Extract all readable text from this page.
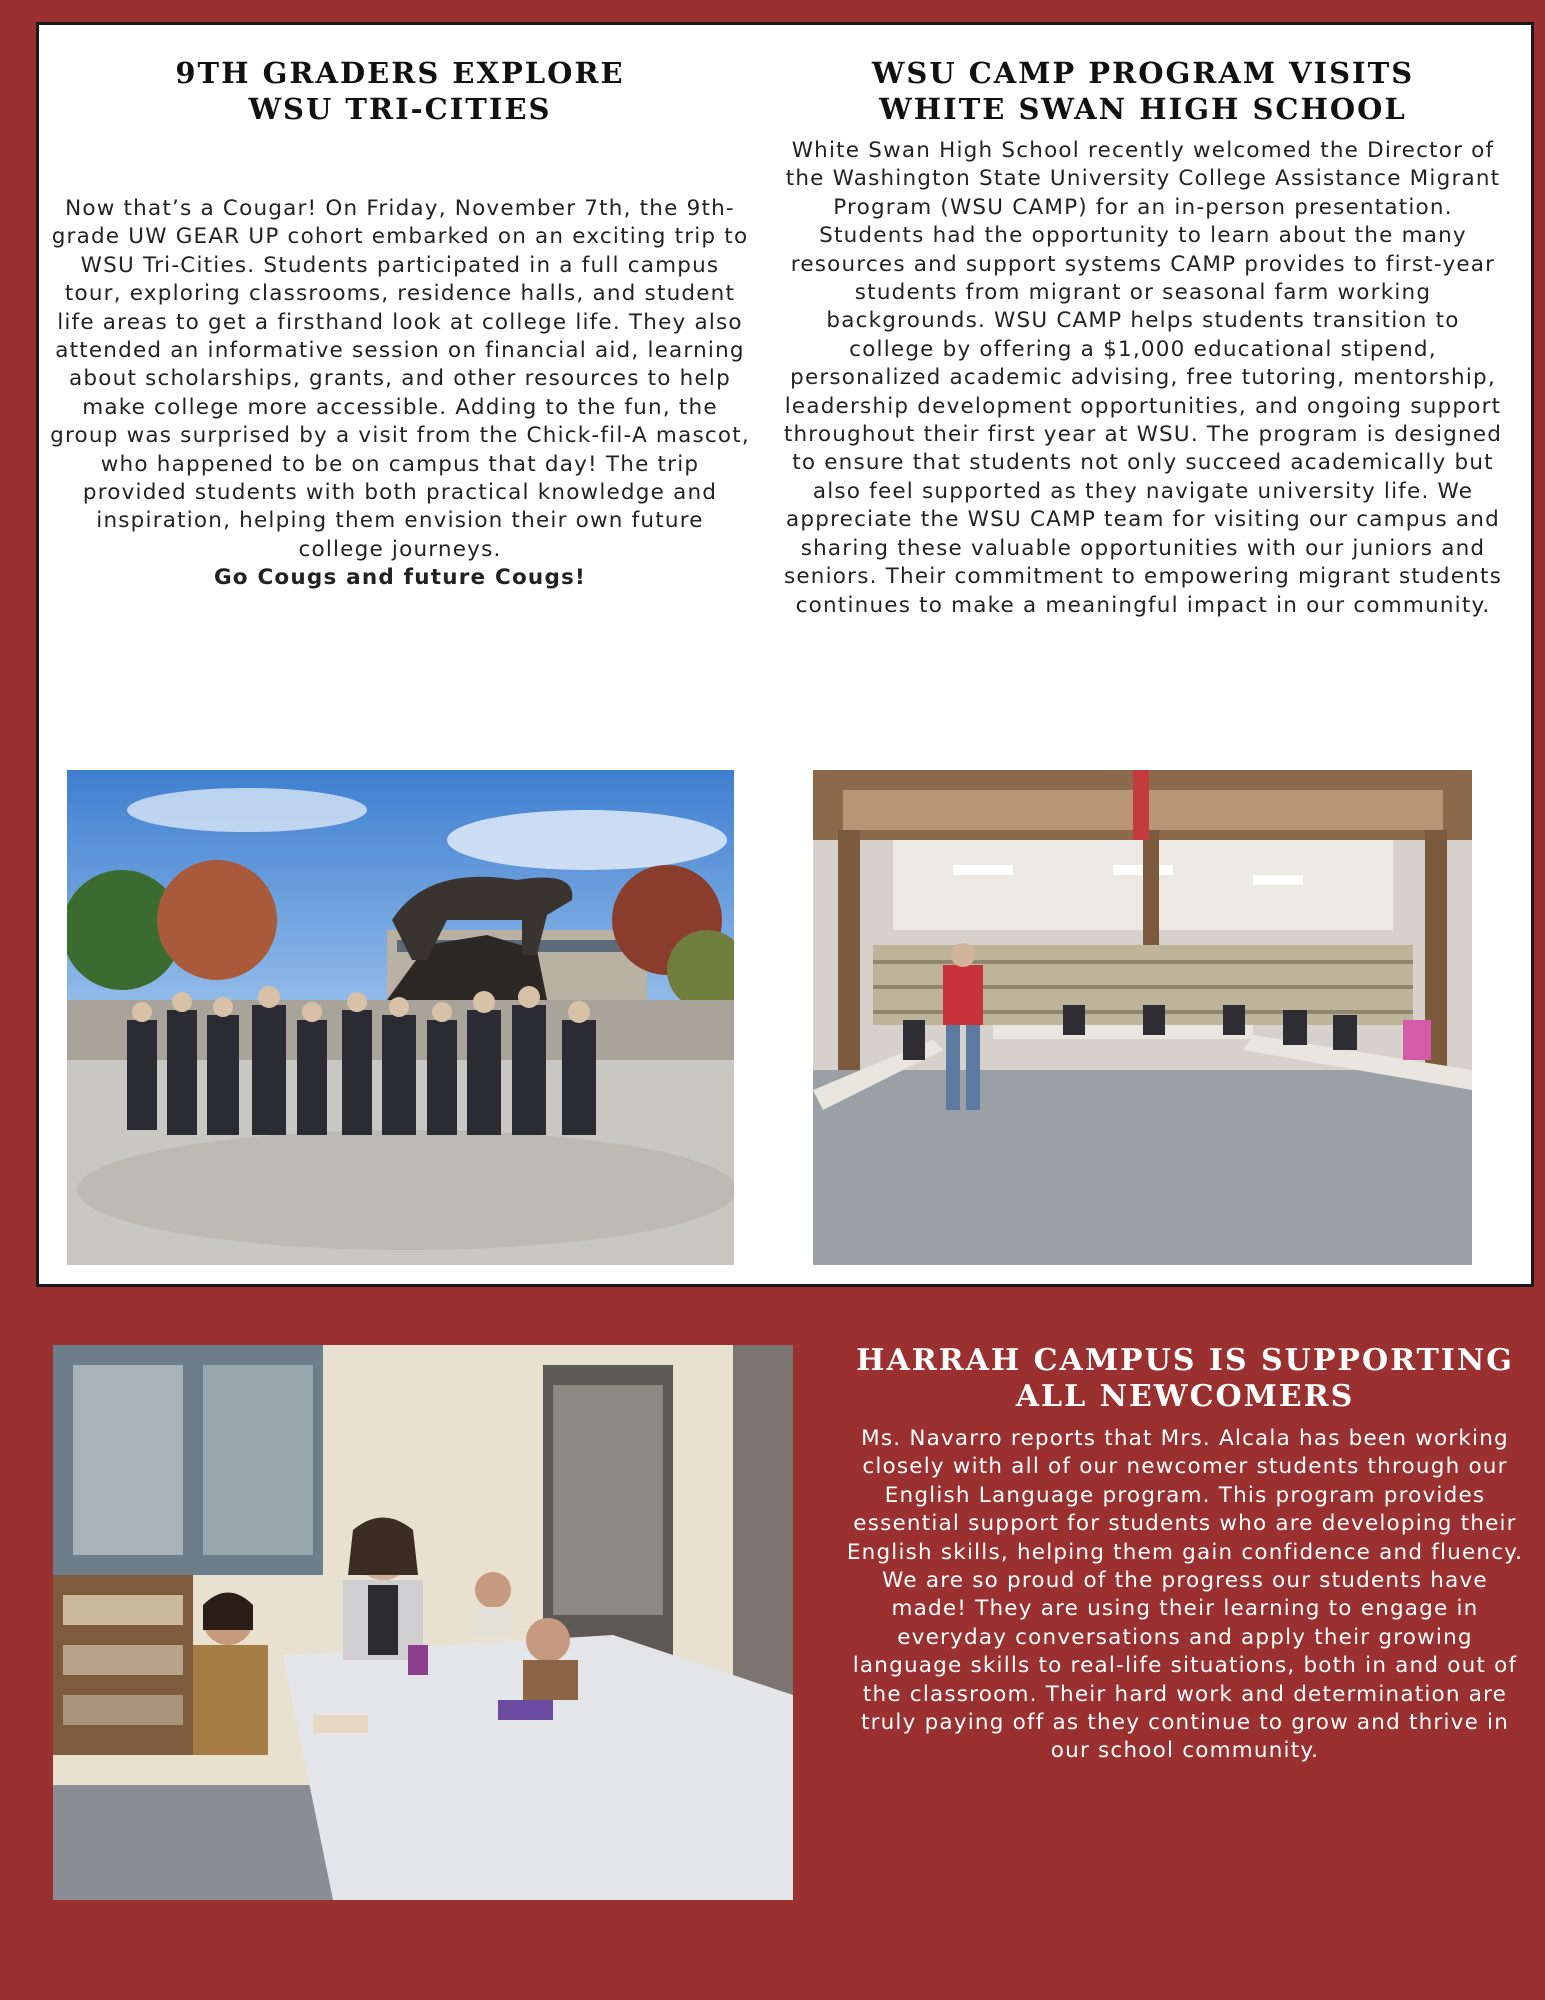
9TH GRADERS EXPLORE
WSU TRI-CITIES

Now that’s a Cougar! On Friday, November 7th, the 9th-grade UW GEAR UP cohort embarked on an exciting trip to WSU Tri-Cities. Students participated in a full campus tour, exploring classrooms, residence halls, and student life areas to get a firsthand look at college life. They also attended an informative session on financial aid, learning about scholarships, grants, and other resources to help make college more accessible. Adding to the fun, the group was surprised by a visit from the Chick-fil-A mascot, who happened to be on campus that day! The trip provided students with both practical knowledge and inspiration, helping them envision their own future college journeys.
Go Cougs and future Cougs!

WSU CAMP PROGRAM VISITS
WHITE SWAN HIGH SCHOOL

White Swan High School recently welcomed the Director of the Washington State University College Assistance Migrant Program (WSU CAMP) for an in-person presentation. Students had the opportunity to learn about the many resources and support systems CAMP provides to first-year students from migrant or seasonal farm working backgrounds. WSU CAMP helps students transition to college by offering a $1,000 educational stipend, personalized academic advising, free tutoring, mentorship, leadership development opportunities, and ongoing support throughout their first year at WSU. The program is designed to ensure that students not only succeed academically but also feel supported as they navigate university life. We appreciate the WSU CAMP team for visiting our campus and sharing these valuable opportunities with our juniors and seniors. Their commitment to empowering migrant students continues to make a meaningful impact in our community.

HARRAH CAMPUS IS SUPPORTING
ALL NEWCOMERS

Ms. Navarro reports that Mrs. Alcala has been working closely with all of our newcomer students through our English Language program. This program provides essential support for students who are developing their English skills, helping them gain confidence and fluency.
We are so proud of the progress our students have made! They are using their learning to engage in everyday conversations and apply their growing language skills to real-life situations, both in and out of the classroom. Their hard work and determination are truly paying off as they continue to grow and thrive in our school community.
